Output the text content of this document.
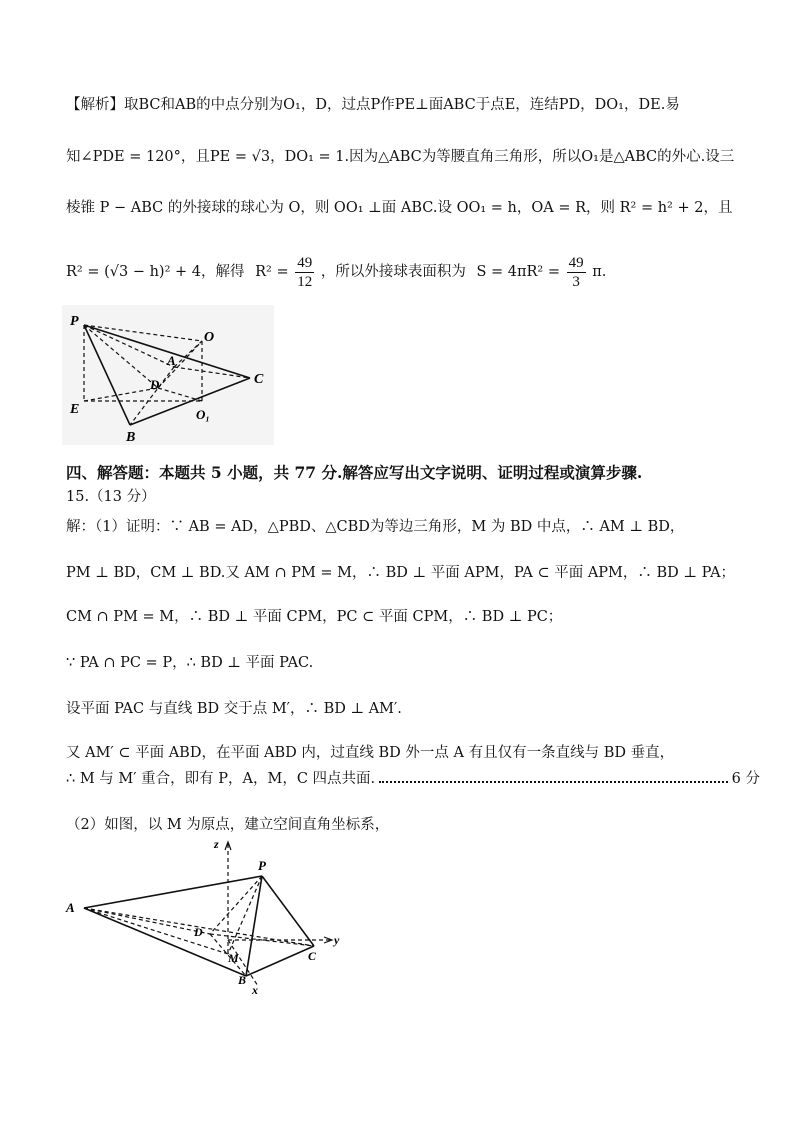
【解析】取BC和AB的中点分别为O₁，D，过点P作PE⊥面ABC于点E，连结PD，DO₁，DE.易
知∠PDE = 120°，且PE = √3，DO₁ = 1.因为△ABC为等腰直角三角形，所以O₁是△ABC的外心.设三
棱锥 P − ABC 的外接球的球心为 O，则 OO₁ ⊥面 ABC.设 OO₁ = h，OA = R，则 R² = h² + 2，且
R² = (√3 − h)² + 4，解得 $R^2 = \frac{49}{12}$ ，所以外接球表面积为 $S = 4\pi R^2 = \frac{49}{3} \pi$.
P
O
A
D	C
E	O₁
B
四、解答题：本题共 5 小题，共 77 分.解答应写出文字说明、证明过程或演算步骤.
15.（13 分）
解：（1）证明：∵ AB = AD，△PBD、△CBD为等边三角形，M 为 BD 中点，∴ AM ⊥ BD，
PM ⊥ BD，CM ⊥ BD.又 AM ∩ PM = M，∴ BD ⊥ 平面 APM，PA ⊂ 平面 APM，∴ BD ⊥ PA；
CM ∩ PM = M，∴ BD ⊥ 平面 CPM，PC ⊂ 平面 CPM，∴ BD ⊥ PC；
∵ PA ∩ PC = P，∴ BD ⊥ 平面 PAC.
设平面 PAC 与直线 BD 交于点 M′，∴ BD ⊥ AM′.
又 AM′ ⊂ 平面 ABD，在平面 ABD 内，过直线 BD 外一点 A 有且仅有一条直线与 BD 垂直，
∴ M 与 M′ 重合，即有 P，A，M，C 四点共面.	6 分
（2）如图，以 M 为原点，建立空间直角坐标系，
z
P
A
D
M	C
y
B
x
